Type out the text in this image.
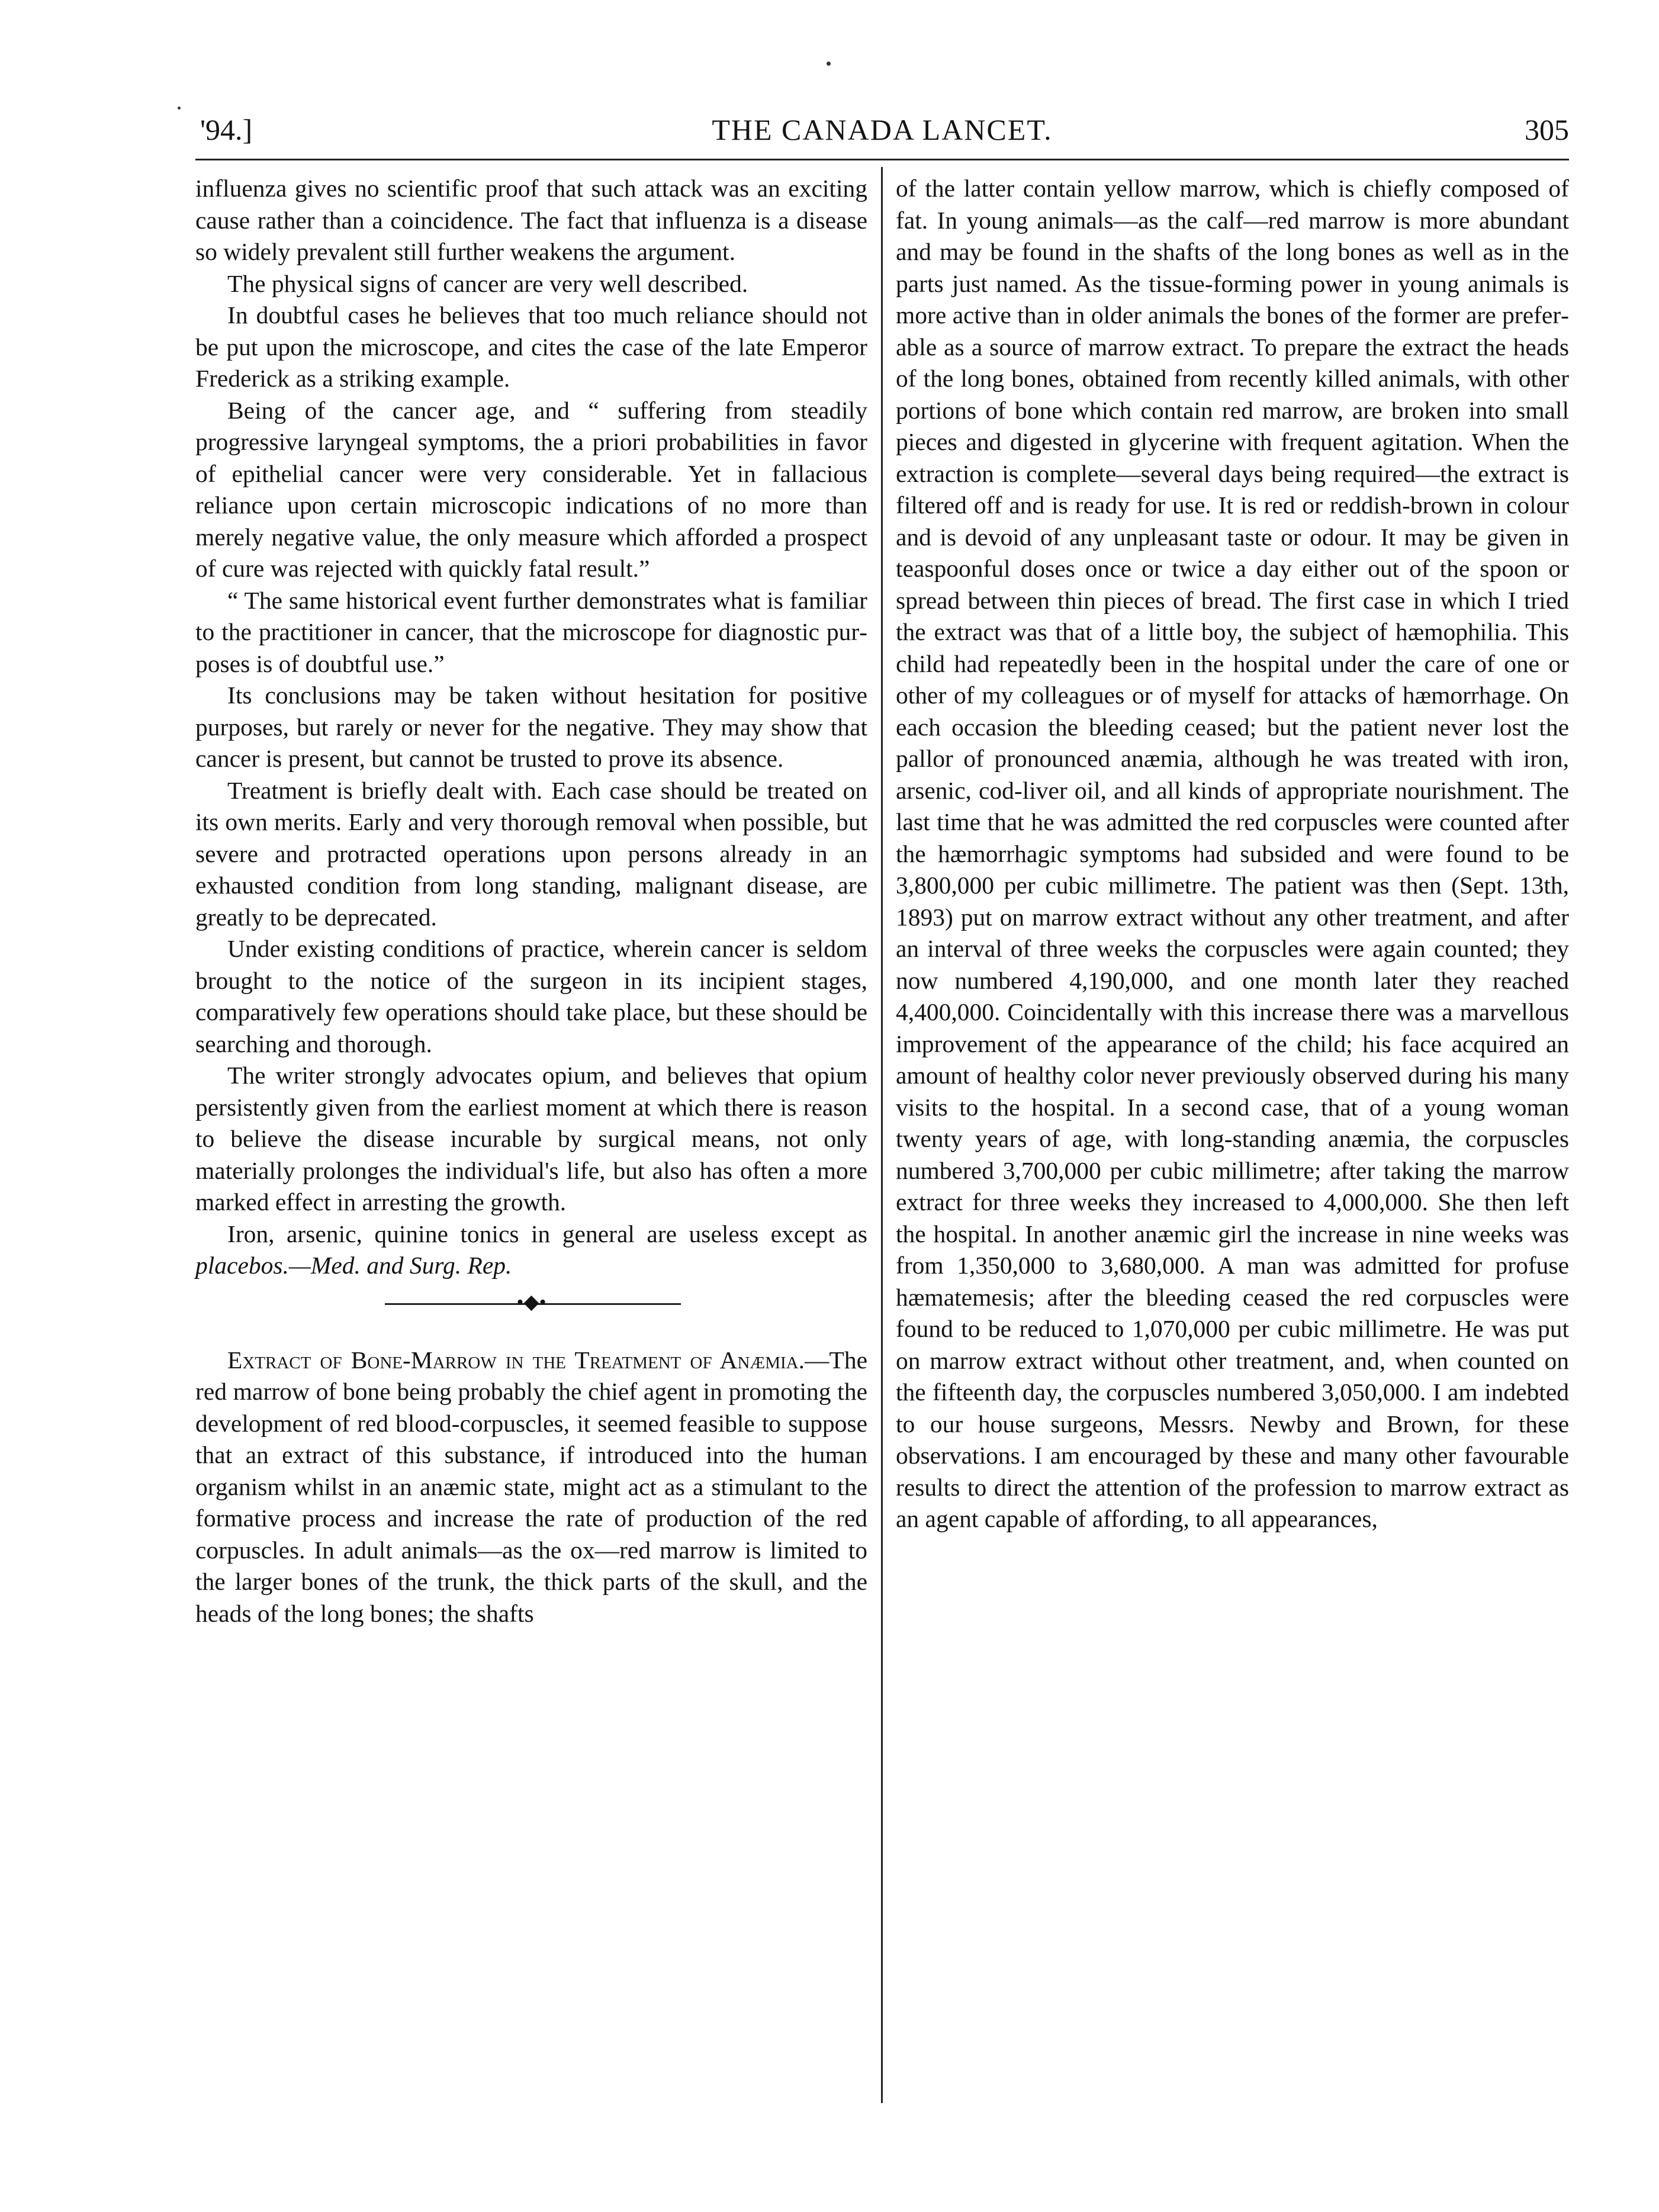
'94.]	THE CANADA LANCET.	305

influenza gives no scientific proof that such attack was an exciting cause rather than a coincidence. The fact that influenza is a disease so widely prevalent still further weakens the argument.

The physical signs of cancer are very well described.

In doubtful cases he believes that too much reliance should not be put upon the microscope, and cites the case of the late Emperor Frederick as a striking example.

Being of the cancer age, and “ suffering from steadily progressive laryngeal symptoms, the a priori probabilities in favor of epithelial cancer were very considerable. Yet in fallacious reliance upon certain microscopic indications of no more than merely negative value, the only measure which afforded a prospect of cure was rejected with quickly fatal result.”

“ The same historical event further demonstrates what is familiar to the practitioner in cancer, that the microscope for diagnostic purposes is of doubtful use.”

Its conclusions may be taken without hesitation for positive purposes, but rarely or never for the negative. They may show that cancer is present, but cannot be trusted to prove its absence.

Treatment is briefly dealt with. Each case should be treated on its own merits. Early and very thorough removal when possible, but severe and protracted operations upon persons already in an exhausted condition from long standing, malignant disease, are greatly to be deprecated.

Under existing conditions of practice, wherein cancer is seldom brought to the notice of the surgeon in its incipient stages, comparatively few operations should take place, but these should be searching and thorough.

The writer strongly advocates opium, and believes that opium persistently given from the earliest moment at which there is reason to believe the disease incurable by surgical means, not only materially prolonges the individual's life, but also has often a more marked effect in arresting the growth.

Iron, arsenic, quinine tonics in general are useless except as placebos.—Med. and Surg. Rep.

•◆•

Extract of Bone-Marrow in the Treatment of Anæmia.—The red marrow of bone being probably the chief agent in promoting the development of red blood-corpuscles, it seemed feasible to suppose that an extract of this substance, if introduced into the human organism whilst in an anæmic state, might act as a stimulant to the formative process and increase the rate of production of the red corpuscles. In adult animals—as the ox—red marrow is limited to the larger bones of the trunk, the thick parts of the skull, and the heads of the long bones; the shafts

of the latter contain yellow marrow, which is chiefly composed of fat. In young animals—as the calf—red marrow is more abundant and may be found in the shafts of the long bones as well as in the parts just named. As the tissue-forming power in young animals is more active than in older animals the bones of the former are preferable as a source of marrow extract. To prepare the extract the heads of the long bones, obtained from recently killed animals, with other portions of bone which contain red marrow, are broken into small pieces and digested in glycerine with frequent agitation. When the extraction is complete—several days being required—the extract is filtered off and is ready for use. It is red or reddish-brown in colour and is devoid of any unpleasant taste or odour. It may be given in teaspoonful doses once or twice a day either out of the spoon or spread between thin pieces of bread. The first case in which I tried the extract was that of a little boy, the subject of hæmophilia. This child had repeatedly been in the hospital under the care of one or other of my colleagues or of myself for attacks of hæmorrhage. On each occasion the bleeding ceased; but the patient never lost the pallor of pronounced anæmia, although he was treated with iron, arsenic, cod-liver oil, and all kinds of appropriate nourishment. The last time that he was admitted the red corpuscles were counted after the hæmorrhagic symptoms had subsided and were found to be 3,800,000 per cubic millimetre. The patient was then (Sept. 13th, 1893) put on marrow extract without any other treatment, and after an interval of three weeks the corpuscles were again counted; they now numbered 4,190,000, and one month later they reached 4,400,000. Coincidentally with this increase there was a marvellous improvement of the appearance of the child; his face acquired an amount of healthy color never previously observed during his many visits to the hospital. In a second case, that of a young woman twenty years of age, with long-standing anæmia, the corpuscles numbered 3,700,000 per cubic millimetre; after taking the marrow extract for three weeks they increased to 4,000,000. She then left the hospital. In another anæmic girl the increase in nine weeks was from 1,350,000 to 3,680,000. A man was admitted for profuse hæmatemesis; after the bleeding ceased the red corpuscles were found to be reduced to 1,070,000 per cubic millimetre. He was put on marrow extract without other treatment, and, when counted on the fifteenth day, the corpuscles numbered 3,050,000. I am indebted to our house surgeons, Messrs. Newby and Brown, for these observations. I am encouraged by these and many other favourable results to direct the attention of the profession to marrow extract as an agent capable of affording, to all appearances,
